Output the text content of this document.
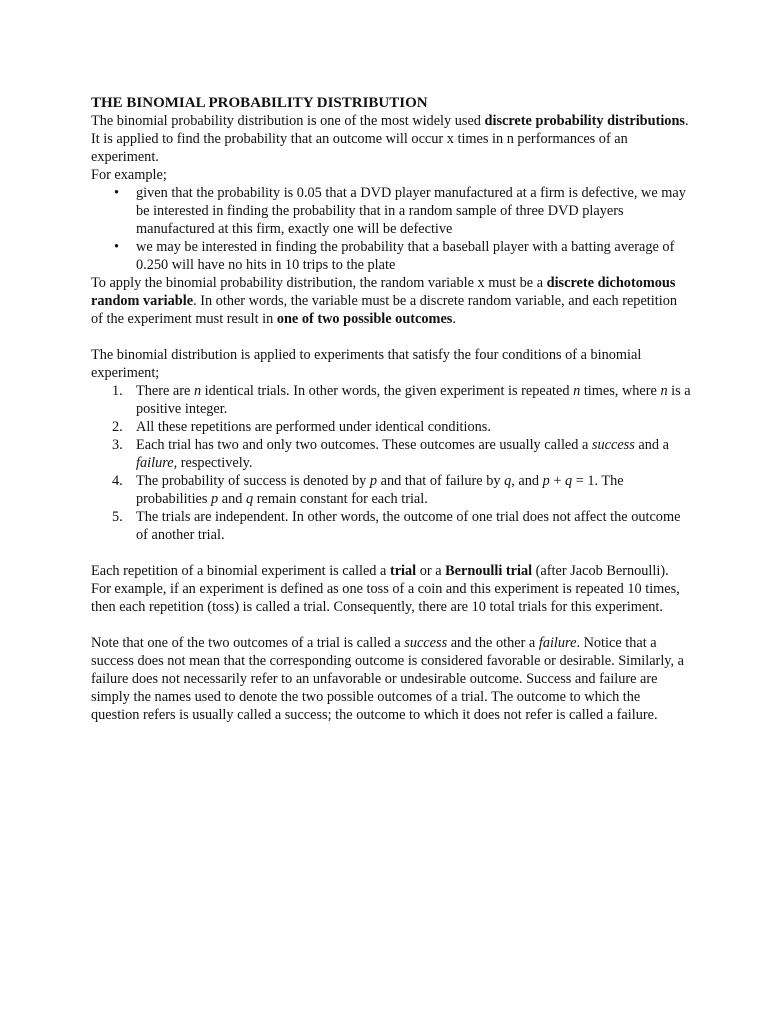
THE BINOMIAL PROBABILITY DISTRIBUTION

The binomial probability distribution is one of the most widely used discrete probability distributions. It is applied to find the probability that an outcome will occur x times in n performances of an experiment.

For example;

• given that the probability is 0.05 that a DVD player manufactured at a firm is defective, we may be interested in finding the probability that in a random sample of three DVD players manufactured at this firm, exactly one will be defective
• we may be interested in finding the probability that a baseball player with a batting average of 0.250 will have no hits in 10 trips to the plate

To apply the binomial probability distribution, the random variable x must be a discrete dichotomous random variable. In other words, the variable must be a discrete random variable, and each repetition of the experiment must result in one of two possible outcomes.

The binomial distribution is applied to experiments that satisfy the four conditions of a binomial experiment;

1. There are n identical trials. In other words, the given experiment is repeated n times, where n is a positive integer.
2. All these repetitions are performed under identical conditions.
3. Each trial has two and only two outcomes. These outcomes are usually called a success and a failure, respectively.
4. The probability of success is denoted by p and that of failure by q, and p + q = 1. The probabilities p and q remain constant for each trial.
5. The trials are independent. In other words, the outcome of one trial does not affect the outcome of another trial.

Each repetition of a binomial experiment is called a trial or a Bernoulli trial (after Jacob Bernoulli). For example, if an experiment is defined as one toss of a coin and this experiment is repeated 10 times, then each repetition (toss) is called a trial. Consequently, there are 10 total trials for this experiment.

Note that one of the two outcomes of a trial is called a success and the other a failure. Notice that a success does not mean that the corresponding outcome is considered favorable or desirable. Similarly, a failure does not necessarily refer to an unfavorable or undesirable outcome. Success and failure are simply the names used to denote the two possible outcomes of a trial. The outcome to which the question refers is usually called a success; the outcome to which it does not refer is called a failure.
